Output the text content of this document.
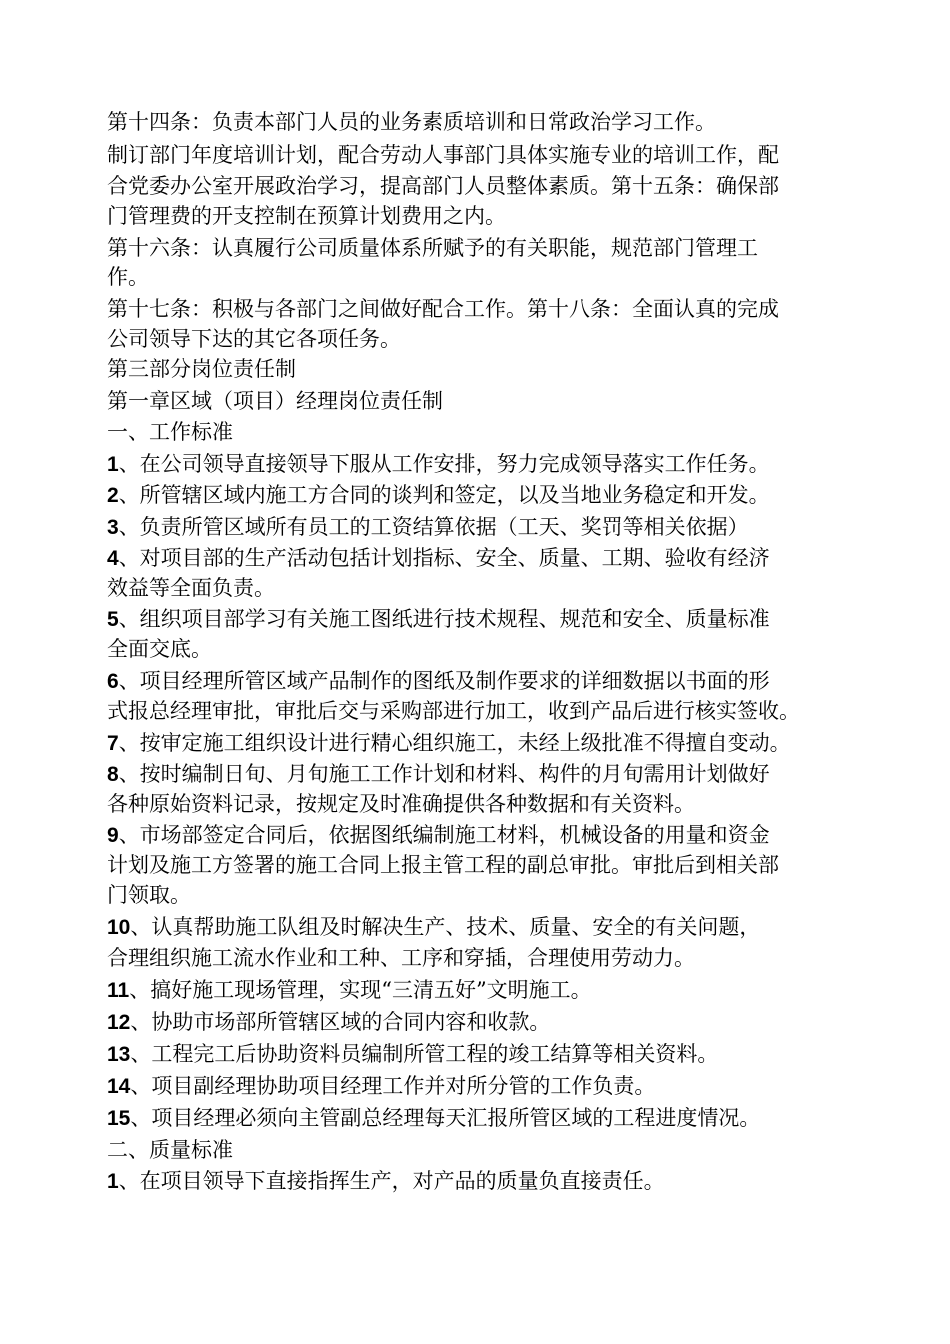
第十四条：负责本部门人员的业务素质培训和日常政治学习工作。
制订部门年度培训计划，配合劳动人事部门具体实施专业的培训工作，配
合党委办公室开展政治学习，提高部门人员整体素质。第十五条：确保部
门管理费的开支控制在预算计划费用之内。
第十六条：认真履行公司质量体系所赋予的有关职能，规范部门管理工
作。
第十七条：积极与各部门之间做好配合工作。第十八条：全面认真的完成
公司领导下达的其它各项任务。
第三部分岗位责任制
第一章区域（项目）经理岗位责任制
一、工作标准
1、在公司领导直接领导下服从工作安排，努力完成领导落实工作任务。
2、所管辖区域内施工方合同的谈判和签定，以及当地业务稳定和开发。
3、负责所管区域所有员工的工资结算依据（工天、奖罚等相关依据）
4、对项目部的生产活动包括计划指标、安全、质量、工期、验收有经济
效益等全面负责。
5、组织项目部学习有关施工图纸进行技术规程、规范和安全、质量标准
全面交底。
6、项目经理所管区域产品制作的图纸及制作要求的详细数据以书面的形
式报总经理审批，审批后交与采购部进行加工，收到产品后进行核实签收。
7、按审定施工组织设计进行精心组织施工，未经上级批准不得擅自变动。
8、按时编制日旬、月旬施工工作计划和材料、构件的月旬需用计划做好
各种原始资料记录，按规定及时准确提供各种数据和有关资料。
9、市场部签定合同后，依据图纸编制施工材料，机械设备的用量和资金
计划及施工方签署的施工合同上报主管工程的副总审批。审批后到相关部
门领取。
10、认真帮助施工队组及时解决生产、技术、质量、安全的有关问题，
合理组织施工流水作业和工种、工序和穿插，合理使用劳动力。
11、搞好施工现场管理，实现“三清五好”文明施工。
12、协助市场部所管辖区域的合同内容和收款。
13、工程完工后协助资料员编制所管工程的竣工结算等相关资料。
14、项目副经理协助项目经理工作并对所分管的工作负责。
15、项目经理必须向主管副总经理每天汇报所管区域的工程进度情况。
二、质量标准
1、在项目领导下直接指挥生产，对产品的质量负直接责任。
